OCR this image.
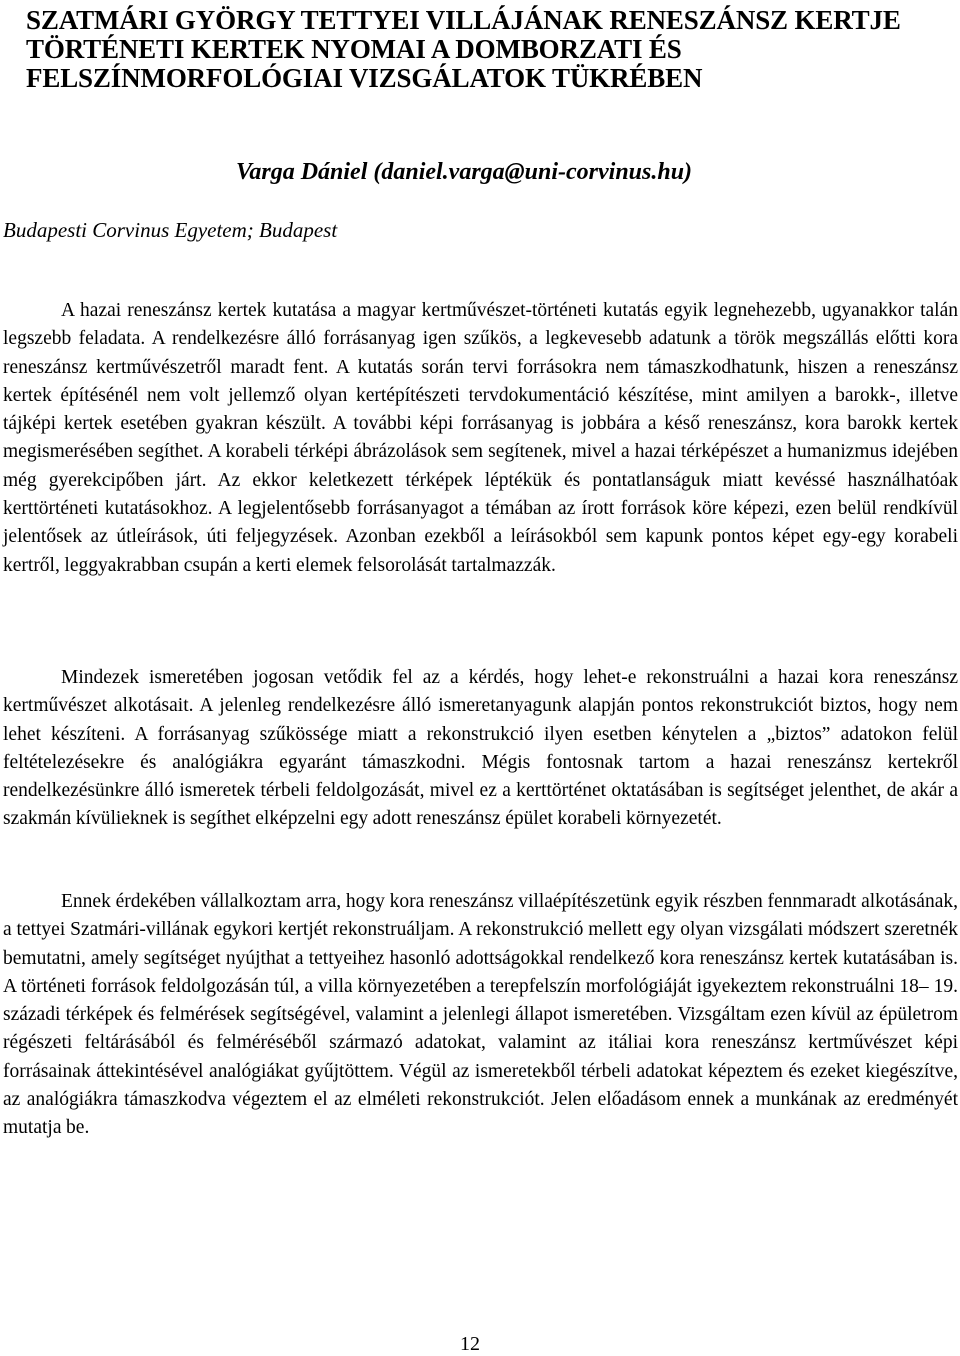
SZATMÁRI GYÖRGY TETTYEI VILLÁJÁNAK RENESZÁNSZ KERTJE TÖRTÉNETI KERTEK NYOMAI A DOMBORZATI ÉS FELSZÍNMORFOLÓGIAI VIZSGÁLATOK TÜKRÉBEN

Varga Dániel (daniel.varga@uni-corvinus.hu)

Budapesti Corvinus Egyetem; Budapest

A hazai reneszánsz kertek kutatása a magyar kertművészet-történeti kutatás egyik legnehezebb, ugyanakkor talán legszebb feladata. A rendelkezésre álló forrásanyag igen szűkös, a legkevesebb adatunk a török megszállás előtti kora reneszánsz kertművészetről maradt fent. A kutatás során tervi forrásokra nem támaszkodhatunk, hiszen a reneszánsz kertek építésénél nem volt jellemző olyan kertépítészeti tervdokumentáció készítése, mint amilyen a barokk-, illetve tájképi kertek esetében gyakran készült. A további képi forrásanyag is jobbára a késő reneszánsz, kora barokk kertek megismerésében segíthet. A korabeli térképi ábrázolások sem segítenek, mivel a hazai térképészet a humanizmus idejében még gyerekcipőben járt. Az ekkor keletkezett térképek léptékük és pontatlanságuk miatt kevéssé használhatóak kerttörténeti kutatásokhoz. A legjelentősebb forrásanyagot a témában az írott források köre képezi, ezen belül rendkívül jelentősek az útleírások, úti feljegyzések. Azonban ezekből a leírásokból sem kapunk pontos képet egy-egy korabeli kertről, leggyakrabban csupán a kerti elemek felsorolását tartalmazzák.

Mindezek ismeretében jogosan vetődik fel az a kérdés, hogy lehet-e rekonstruálni a hazai kora reneszánsz kertművészet alkotásait. A jelenleg rendelkezésre álló ismeretanyagunk alapján pontos rekonstrukciót biztos, hogy nem lehet készíteni. A forrásanyag szűkössége miatt a rekonstrukció ilyen esetben kénytelen a „biztos” adatokon felül feltételezésekre és analógiákra egyaránt támaszkodni. Mégis fontosnak tartom a hazai reneszánsz kertekről rendelkezésünkre álló ismeretek térbeli feldolgozását, mivel ez a kerttörténet oktatásában is segítséget jelenthet, de akár a szakmán kívülieknek is segíthet elképzelni egy adott reneszánsz épület korabeli környezetét.

Ennek érdekében vállalkoztam arra, hogy kora reneszánsz villaépítészetünk egyik részben fennmaradt alkotásának, a tettyei Szatmári-villának egykori kertjét rekonstruáljam. A rekonstrukció mellett egy olyan vizsgálati módszert szeretnék bemutatni, amely segítséget nyújthat a tettyeihez hasonló adottságokkal rendelkező kora reneszánsz kertek kutatásában is. A történeti források feldolgozásán túl, a villa környezetében a terepfelszín morfológiáját igyekeztem rekonstruálni 18– 19. századi térképek és felmérések segítségével, valamint a jelenlegi állapot ismeretében. Vizsgáltam ezen kívül az épületrom régészeti feltárásából és felméréséből származó adatokat, valamint az itáliai kora reneszánsz kertművészet képi forrásainak áttekintésével analógiákat gyűjtöttem. Végül az ismeretekből térbeli adatokat képeztem és ezeket kiegészítve, az analógiákra támaszkodva végeztem el az elméleti rekonstrukciót. Jelen előadásom ennek a munkának az eredményét mutatja be.

12
